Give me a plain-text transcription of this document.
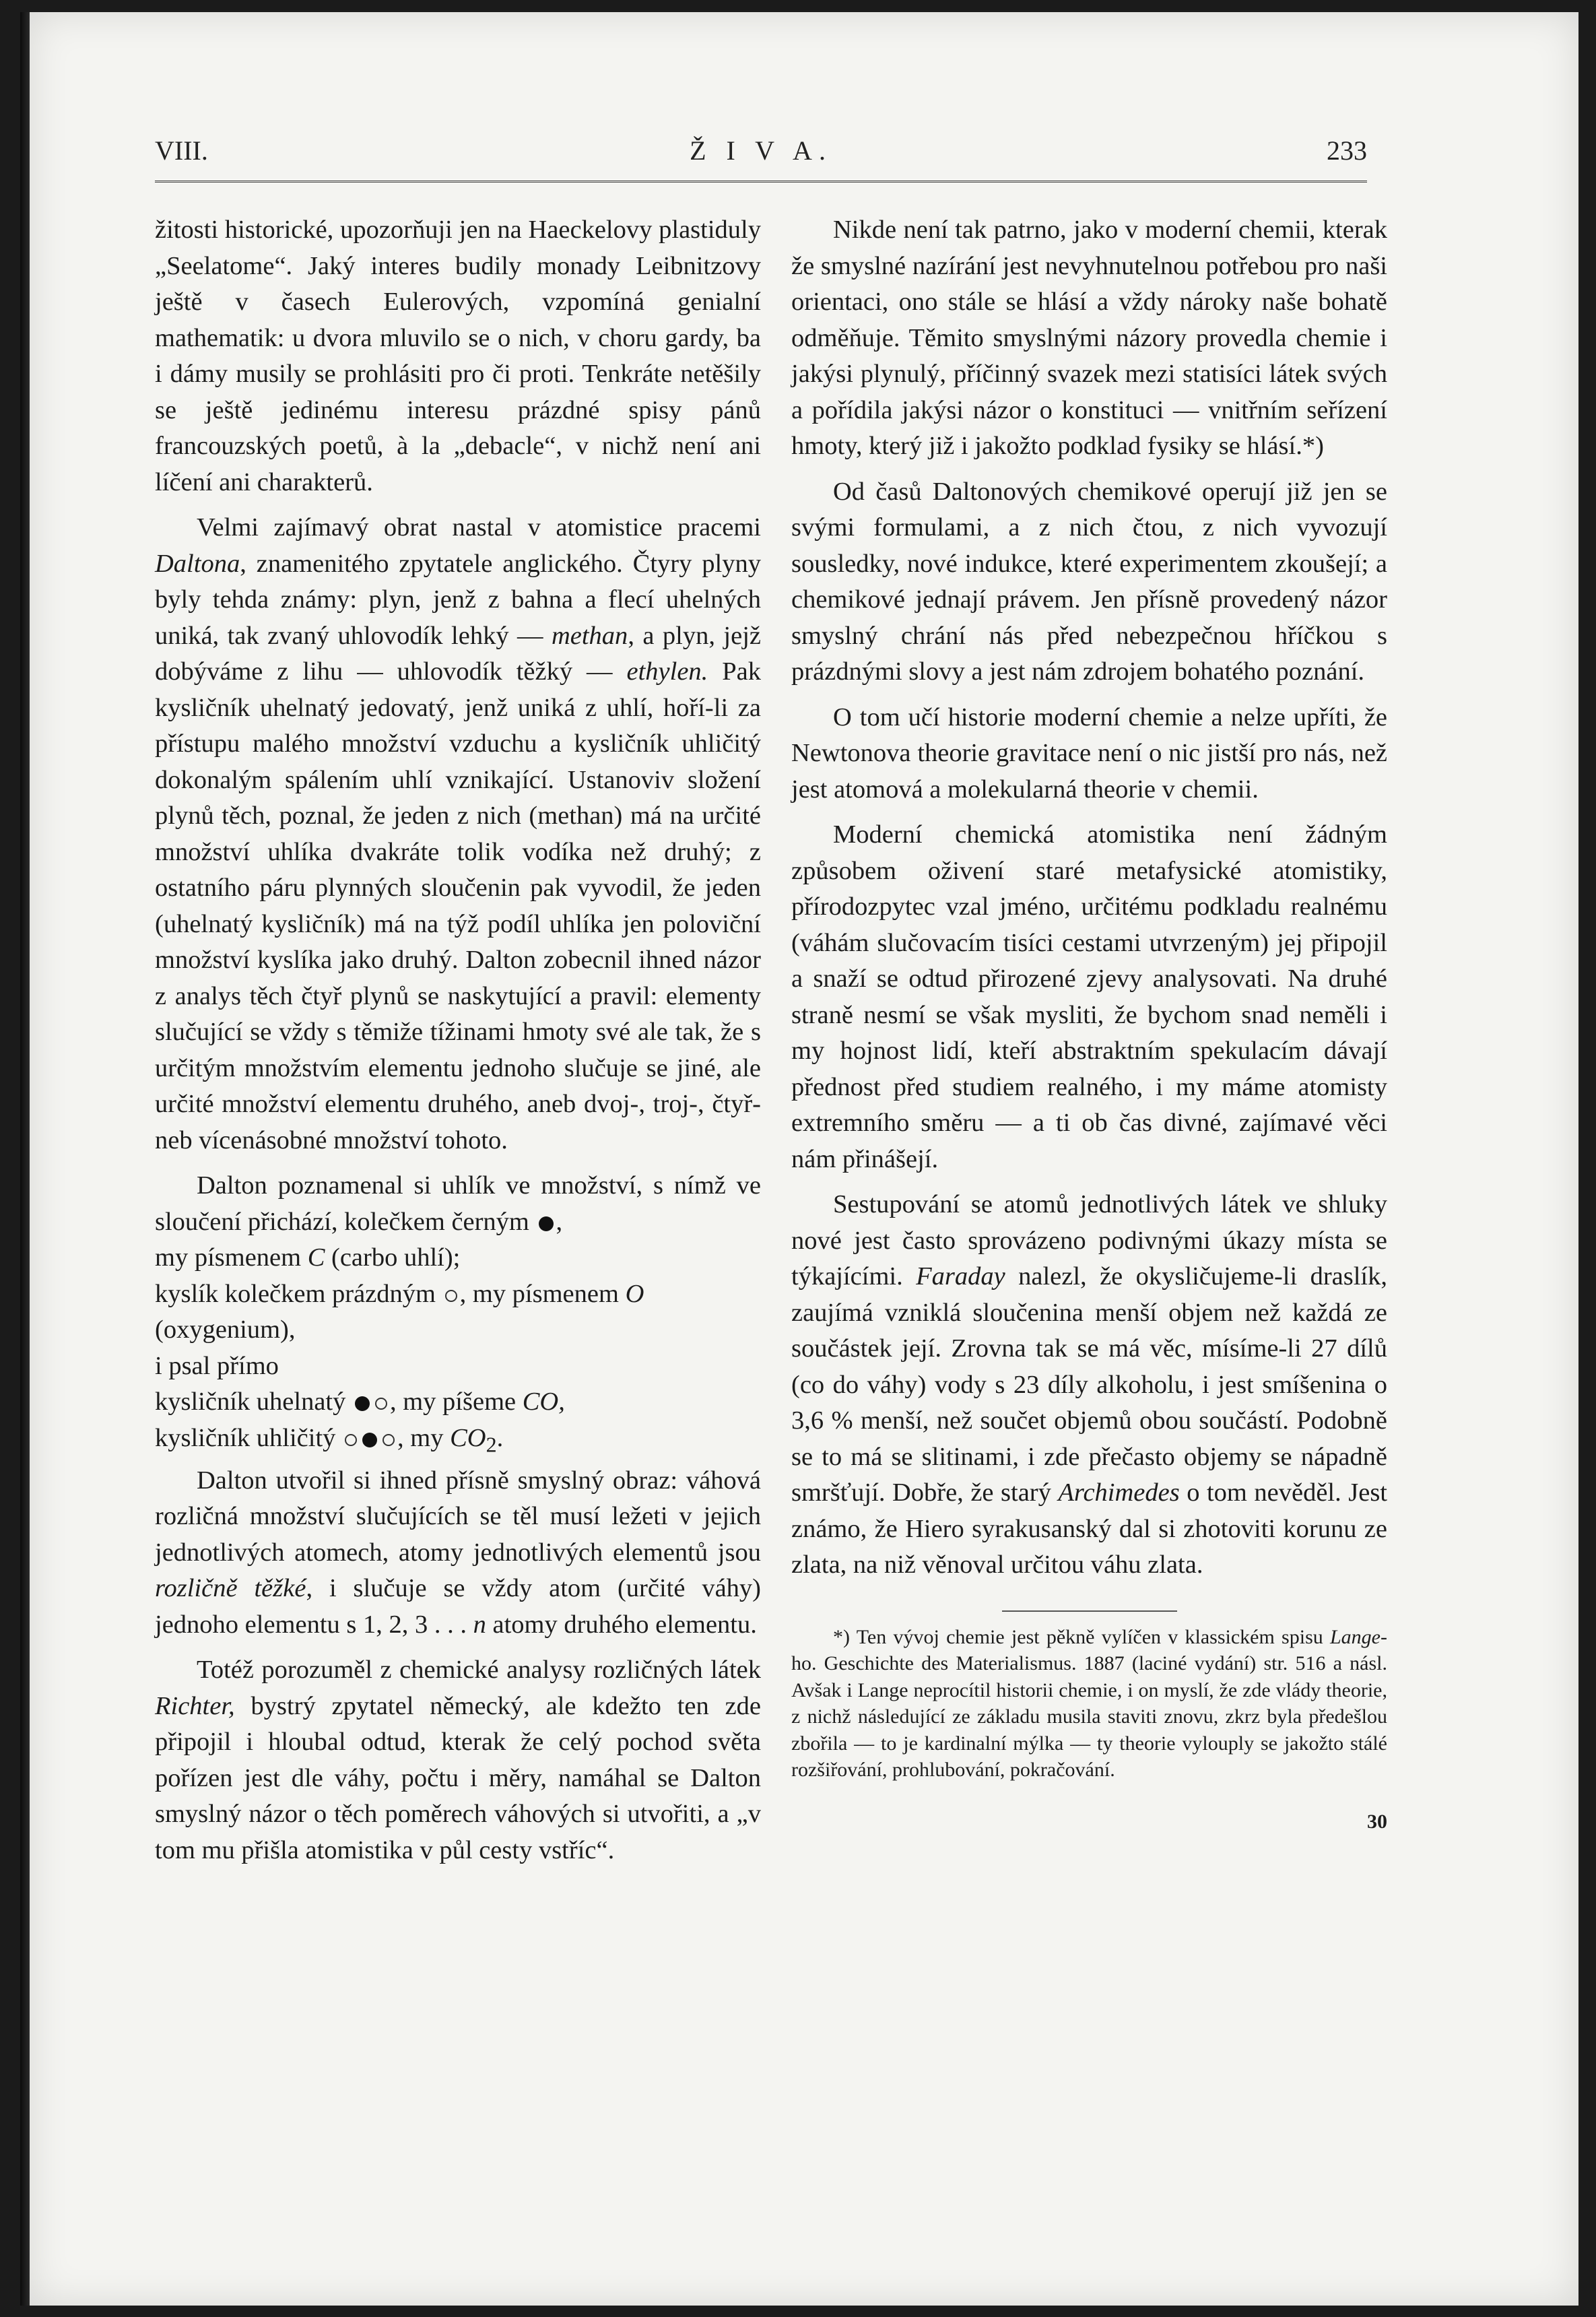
VIII.	Ž I V A.	233

žitosti historické, upozorňuji jen na Haeckelovy plastiduly „Seelatome“. Jaký interes budily monady Leibnitzovy ještě v časech Eulerových, vzpomíná genialní mathematik: u dvora mluvilo se o nich, v choru gardy, ba i dámy musily se prohlásiti pro či proti. Tenkráte netěšily se ještě jedinému interesu prázdné spisy pánů francouzských poetů, à la „debacle“, v nichž není ani líčení ani charakterů.

Velmi zajímavý obrat nastal v atomistice pracemi Daltona, znamenitého zpytatele anglického. Čtyry plyny byly tehda známy: plyn, jenž z bahna a flecí uhelných uniká, tak zvaný uhlovodík lehký — methan, a plyn, jejž dobýváme z lihu — uhlovodík těžký — ethylen. Pak kysličník uhelnatý jedovatý, jenž uniká z uhlí, hoří-li za přístupu malého množství vzduchu a kysličník uhličitý dokonalým spálením uhlí vznikající. Ustanoviv složení plynů těch, poznal, že jeden z nich (methan) má na určité množství uhlíka dvakráte tolik vodíka než druhý; z ostatního páru plynných sloučenin pak vyvodil, že jeden (uhelnatý kysličník) má na týž podíl uhlíka jen poloviční množství kyslíka jako druhý. Dalton zobecnil ihned názor z analys těch čtyř plynů se naskytující a pravil: elementy slučující se vždy s těmiže tížinami hmoty své ale tak, že s určitým množstvím elementu jednoho slučuje se jiné, ale určité množství elementu druhého, aneb dvoj-, troj-, čtyř- neb vícenásobné množství tohoto.

Dalton poznamenal si uhlík ve množství, s nímž ve sloučení přichází, kolečkem černým ,

my písmenem C (carbo uhlí);

kyslík kolečkem prázdným , my písmenem O

(oxygenium),

i psal přímo

kysličník uhelnatý , my píšeme CO,

kysličník uhličitý , my $CO_2$.

Dalton utvořil si ihned přísně smyslný obraz: váhová rozličná množství slučujících se těl musí ležeti v jejich jednotlivých atomech, atomy jednotlivých elementů jsou rozličně těžké, i slučuje se vždy atom (určité váhy) jednoho elementu s 1, 2, 3 . . . n atomy druhého elementu.

Totéž porozuměl z chemické analysy rozličných látek Richter, bystrý zpytatel německý, ale kdežto ten zde připojil i hloubal odtud, kterak že celý pochod světa pořízen jest dle váhy, počtu i měry, namáhal se Dalton smyslný názor o těch poměrech váhových si utvořiti, a „v tom mu přišla atomistika v půl cesty vstříc“.

Nikde není tak patrno, jako v moderní chemii, kterak že smyslné nazírání jest nevyhnutelnou potřebou pro naši orientaci, ono stále se hlásí a vždy nároky naše bohatě odměňuje. Těmito smyslnými názory provedla chemie i jakýsi plynulý, příčinný svazek mezi statisíci látek svých a pořídila jakýsi názor o konstituci — vnitřním seřízení hmoty, který již i jakožto podklad fysiky se hlásí.*)

Od časů Daltonových chemikové operují již jen se svými formulami, a z nich čtou, z nich vyvozují sousledky, nové indukce, které experimentem zkoušejí; a chemikové jednají právem. Jen přísně provedený názor smyslný chrání nás před nebezpečnou hříčkou s prázdnými slovy a jest nám zdrojem bohatého poznání.

O tom učí historie moderní chemie a nelze upříti, že Newtonova theorie gravitace není o nic jistší pro nás, než jest atomová a molekularná theorie v chemii.

Moderní chemická atomistika není žádným způsobem oživení staré metafysické atomistiky, přírodozpytec vzal jméno, určitému podkladu realnému (váhám slučovacím tisíci cestami utvrzeným) jej připojil a snaží se odtud přirozené zjevy analysovati. Na druhé straně nesmí se však mysliti, že bychom snad neměli i my hojnost lidí, kteří abstraktním spekulacím dávají přednost před studiem realného, i my máme atomisty extremního směru — a ti ob čas divné, zajímavé věci nám přinášejí.

Sestupování se atomů jednotlivých látek ve shluky nové jest často sprovázeno podivnými úkazy místa se týkajícími. Faraday nalezl, že okysličujeme-li draslík, zaujímá vzniklá sloučenina menší objem než každá ze součástek její. Zrovna tak se má věc, mísíme-li 27 dílů (co do váhy) vody s 23 díly alkoholu, i jest smíšenina o 3,6 % menší, než součet objemů obou součástí. Podobně se to má se slitinami, i zde přečasto objemy se nápadně smršťují. Dobře, že starý Archimedes o tom nevěděl. Jest známo, že Hiero syrakusanský dal si zhotoviti korunu ze zlata, na niž věnoval určitou váhu zlata.

*) Ten vývoj chemie jest pěkně vylíčen v klassickém spisu Lange-ho. Geschichte des Materialismus. 1887 (laciné vydání) str. 516 a násl. Avšak i Lange neprocítil historii chemie, i on myslí, že zde vlády theorie, z nichž následující ze základu musila staviti znovu, zkrz byla předešlou zbořila — to je kardinalní mýlka — ty theorie vylouply se jakožto stálé rozšiřování, prohlubování, pokračování.

30
